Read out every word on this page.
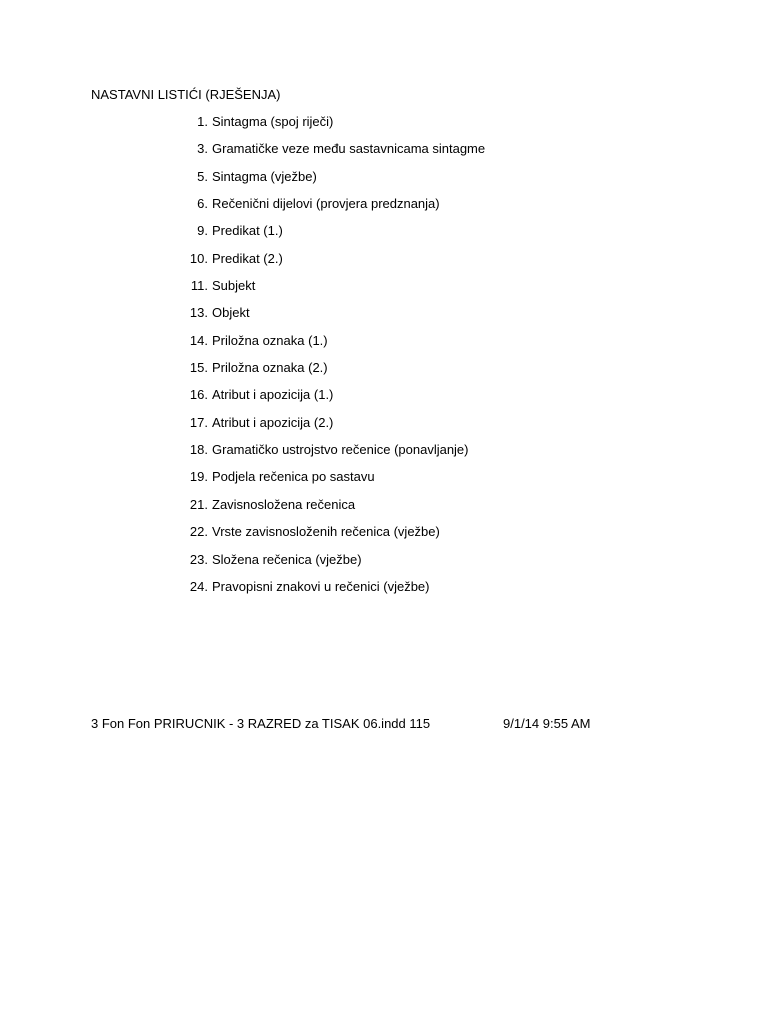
NASTAVNI LISTIĆI (RJEŠENJA)
1. Sintagma (spoj riječi)
3. Gramatičke veze među sastavnicama sintagme
5. Sintagma (vježbe)
6. Rečenični dijelovi (provjera predznanja)
9. Predikat (1.)
10. Predikat (2.)
11. Subjekt
13. Objekt
14. Priložna oznaka (1.)
15. Priložna oznaka (2.)
16. Atribut i apozicija (1.)
17. Atribut i apozicija (2.)
18. Gramatičko ustrojstvo rečenice (ponavljanje)
19. Podjela rečenica po sastavu
21. Zavisnosložena rečenica
22. Vrste zavisnosloženih rečenica (vježbe)
23. Složena rečenica (vježbe)
24. Pravopisni znakovi u rečenici (vježbe)
3 Fon Fon PRIRUCNIK - 3 RAZRED za TISAK 06.indd 115	9/1/14 9:55 AM
